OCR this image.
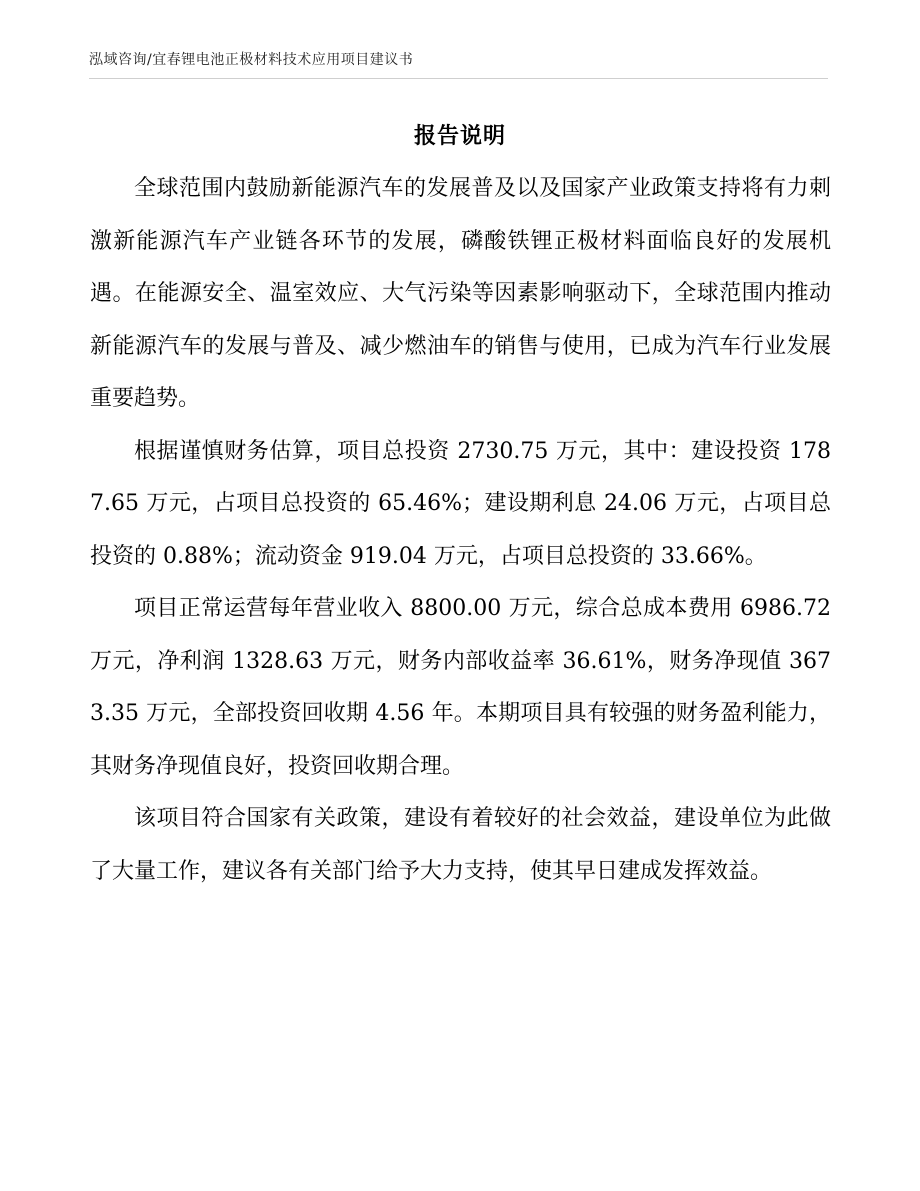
泓域咨询/宜春锂电池正极材料技术应用项目建议书
报告说明

全球范围内鼓励新能源汽车的发展普及以及国家产业政策支持将有力刺激新能源汽车产业链各环节的发展，磷酸铁锂正极材料面临良好的发展机遇。在能源安全、温室效应、大气污染等因素影响驱动下，全球范围内推动新能源汽车的发展与普及、减少燃油车的销售与使用，已成为汽车行业发展重要趋势。

根据谨慎财务估算，项目总投资 2730.75 万元，其中：建设投资 1787.65 万元，占项目总投资的 65.46%；建设期利息 24.06 万元，占项目总投资的 0.88%；流动资金 919.04 万元，占项目总投资的 33.66%。

项目正常运营每年营业收入 8800.00 万元，综合总成本费用 6986.72 万元，净利润 1328.63 万元，财务内部收益率 36.61%，财务净现值 3673.35 万元，全部投资回收期 4.56 年。本期项目具有较强的财务盈利能力，其财务净现值良好，投资回收期合理。

该项目符合国家有关政策，建设有着较好的社会效益，建设单位为此做了大量工作，建议各有关部门给予大力支持，使其早日建成发挥效益。
